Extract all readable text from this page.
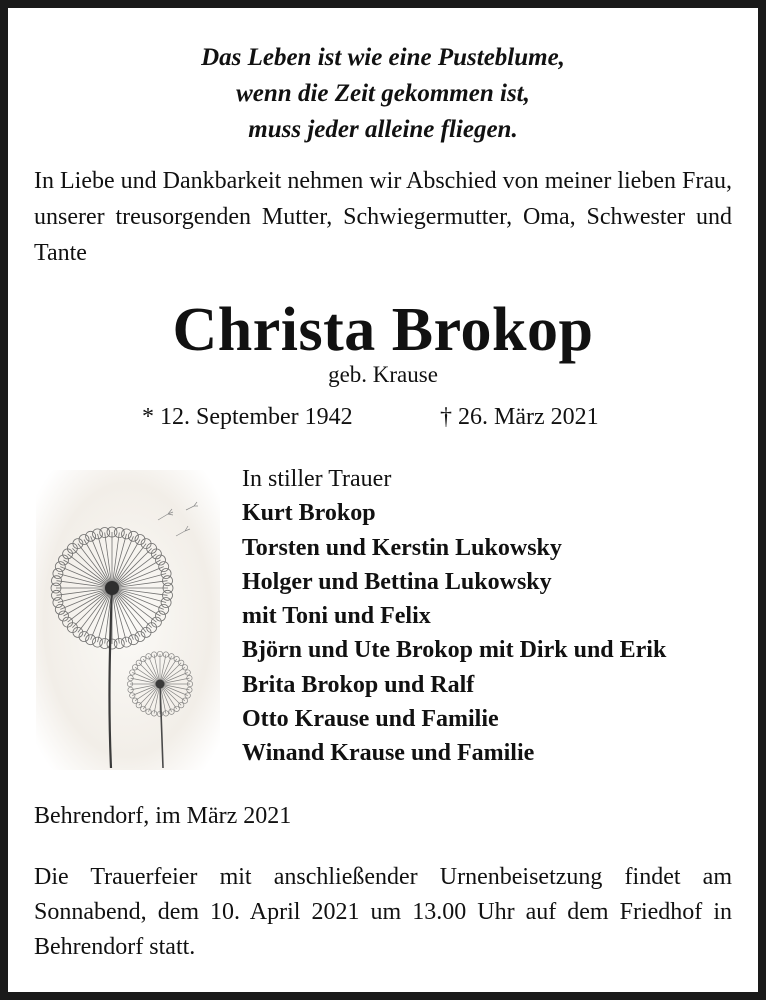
Das Leben ist wie eine Pusteblume,
wenn die Zeit gekommen ist,
muss jeder alleine fliegen.
In Liebe und Dankbarkeit nehmen wir Abschied von meiner lieben Frau, unserer treusorgenden Mutter, Schwiegermutter, Oma, Schwester und Tante
Christa Brokop
geb. Krause
* 12. September 1942	† 26. März 2021
In stiller Trauer
Kurt Brokop
Torsten und Kerstin Lukowsky
Holger und Bettina Lukowsky
mit Toni und Felix
Björn und Ute Brokop mit Dirk und Erik
Brita Brokop und Ralf
Otto Krause und Familie
Winand Krause und Familie
Behrendorf, im März 2021
Die Trauerfeier mit anschließender Urnenbeisetzung findet am Sonnabend, dem 10. April 2021 um 13.00 Uhr auf dem Friedhof in Behrendorf statt.
